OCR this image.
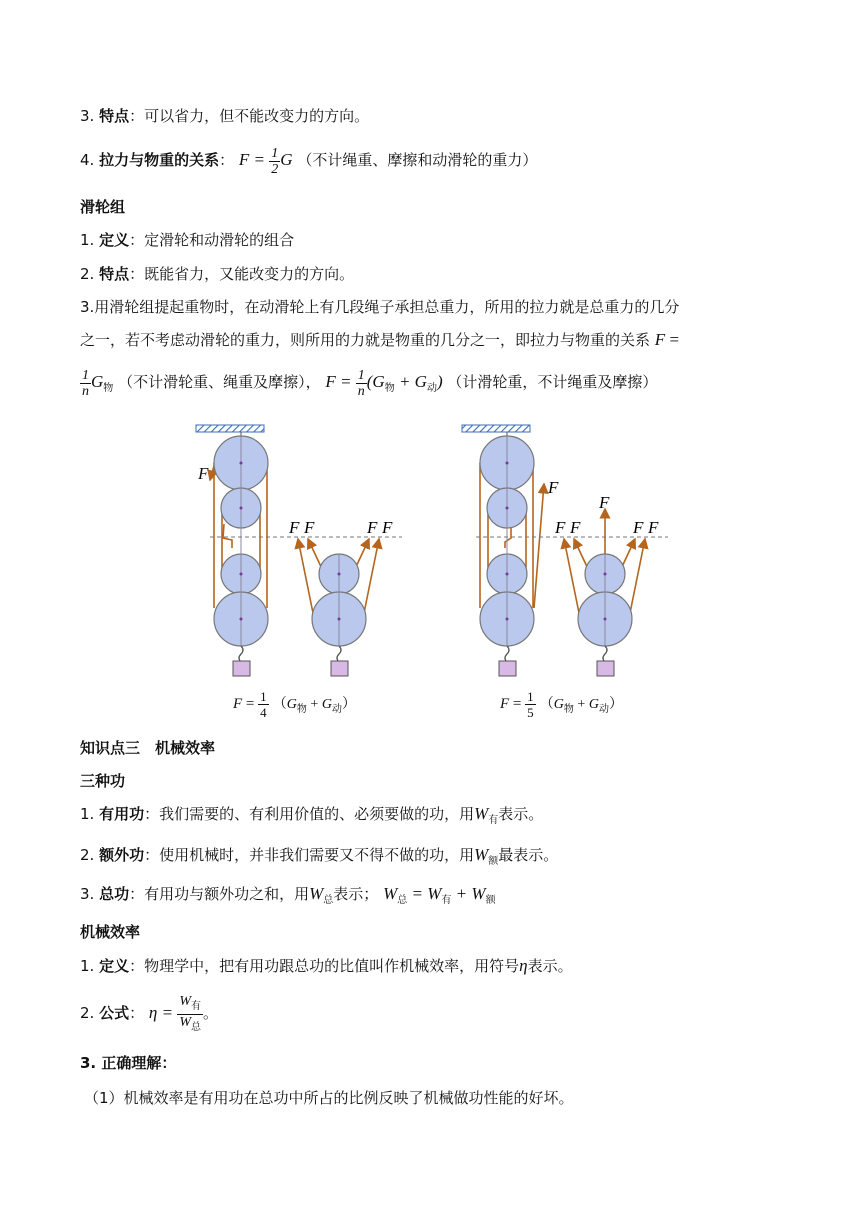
3. 特点：可以省力，但不能改变力的方向。
4. 拉力与物重的关系： $F = \frac{1}{2}$ G （不计绳重、摩擦和动滑轮的重力）
滑轮组
1. 定义：定滑轮和动滑轮的组合
2. 特点：既能省力，又能改变力的方向。
3.用滑轮组提起重物时，在动滑轮上有几段绳子承担总重力，所用的拉力就是总重力的几分
之一，若不考虑动滑轮的重力，则所用的力就是物重的几分之一，即拉力与物重的关系 F =
$\frac{1}{n} G_物$ （不计滑轮重、绳重及摩擦）， $F = \frac{1}{n} (G_物 + G_动)$ （计滑轮重，不计绳重及摩擦）
F
F F	F F
F
F
F F	F F
$F = \frac{1}{4} (G_物 + G_动)$	$F = \frac{1}{5} (G_物 + G_动)$
知识点三　机械效率
三种功
1. 有用功：我们需要的、有利用价值的、必须要做的功，用$W_有$表示。
2. 额外功：使用机械时，并非我们需要又不得不做的功，用$W_额$最表示。
3. 总功：有用功与额外功之和，用$W_总$表示； $W_总 = W_有 + W_额$
机械效率
1. 定义：物理学中，把有用功跟总功的比值叫作机械效率，用符号η表示。
2. 公式： $\eta = \frac{W_有}{W_总}$ 。
3. 正确理解：
（1）机械效率是有用功在总功中所占的比例反映了机械做功性能的好坏。
